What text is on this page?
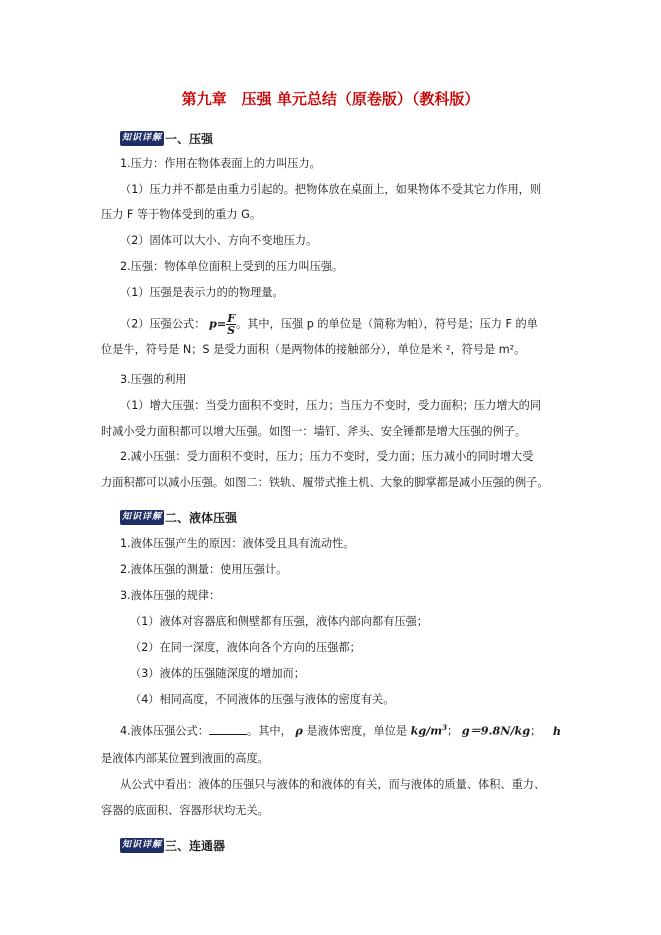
第九章　压强 单元总结（原卷版）（教科版）
知识详解 一、压强
1.压力：作用在物体表面上的力叫压力。
（1）压力并不都是由重力引起的。把物体放在桌面上，如果物体不受其它力作用，则
压力 F 等于物体受到的重力 G。
（2）固体可以大小、方向不变地压力。
2.压强：物体单位面积上受到的压力叫压强。
（1）压强是表示力的的物理量。
（2）压强公式： $p= \frac{F}{S}$ 。其中，压强 p 的单位是（简称为帕），符号是；压力 F 的单
位是牛，符号是 N；S 是受力面积（是两物体的接触部分），单位是米 ²，符号是 m²。
3.压强的利用
（1）增大压强：当受力面积不变时，压力；当压力不变时，受力面积；压力增大的同
时减小受力面积都可以增大压强。如图一：墙钉、斧头、安全锤都是增大压强的例子。
2.减小压强：受力面积不变时，压力；压力不变时，受力面；压力减小的同时增大受
力面积都可以减小压强。如图二：铁轨、履带式推土机、大象的脚掌都是减小压强的例子。
知识详解 二、液体压强
1.液体压强产生的原因：液体受且具有流动性。
2.液体压强的测量：使用压强计。
3.液体压强的规律：
（1）液体对容器底和侧壁都有压强，液体内部向都有压强；
（2）在同一深度，液体向各个方向的压强都；
（3）液体的压强随深度的增加而；
（4）相同高度，不同液体的压强与液体的密度有关。
4.液体压强公式：	。其中， ρ 是液体密度，单位是 $kg/m^3$； g＝9.8N/kg； h
是液体内部某位置到液面的高度。
从公式中看出：液体的压强只与液体的和液体的有关，而与液体的质量、体积、重力、
容器的底面积、容器形状均无关。
知识详解 三、连通器
